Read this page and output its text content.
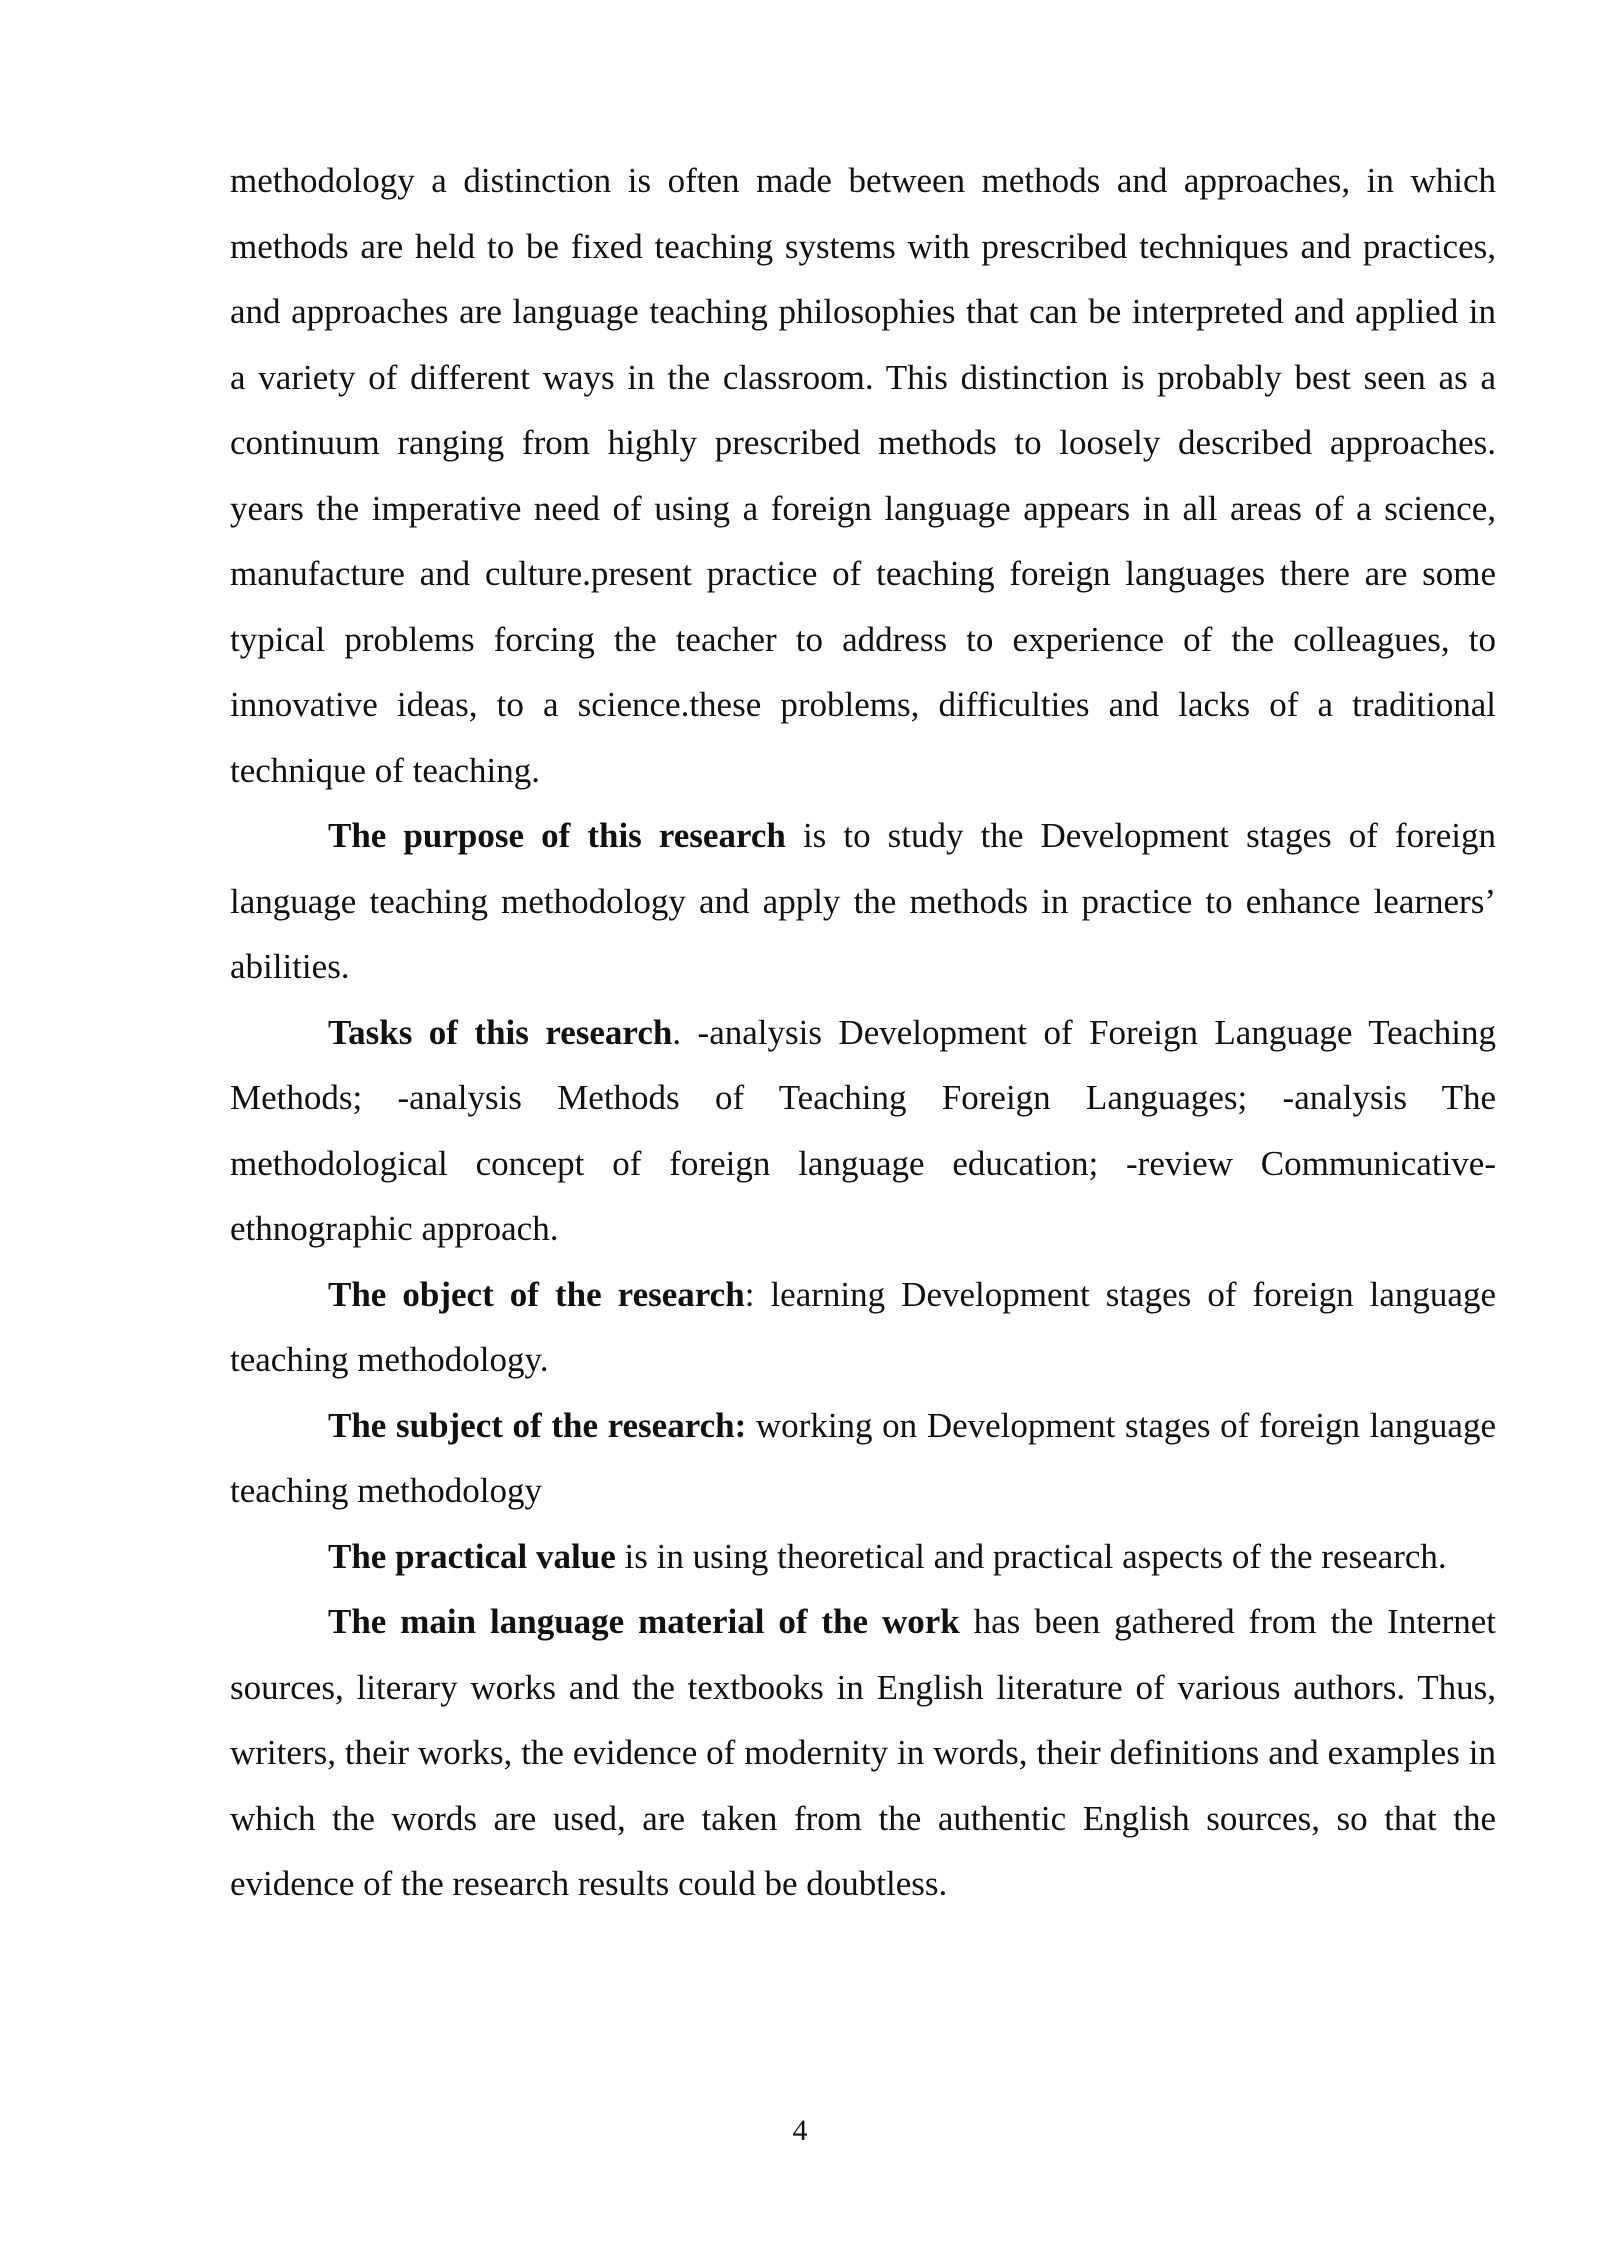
methodology a distinction is often made between methods and approaches, in which methods are held to be fixed teaching systems with prescribed techniques and practices, and approaches are language teaching philosophies that can be interpreted and applied in a variety of different ways in the classroom. This distinction is probably best seen as a continuum ranging from highly prescribed methods to loosely described approaches. years the imperative need of using a foreign language appears in all areas of a science, manufacture and culture.present practice of teaching foreign languages there are some typical problems forcing the teacher to address to experience of the colleagues, to innovative ideas, to a science.these problems, difficulties and lacks of a traditional technique of teaching.

The purpose of this research is to study the Development stages of foreign language teaching methodology and apply the methods in practice to enhance learners’ abilities.

Tasks of this research. -analysis Development of Foreign Language Teaching Methods; -analysis Methods of Teaching Foreign Languages; -analysis The methodological concept of foreign language education; -review Communicative-ethnographic approach.

The object of the research: learning Development stages of foreign language teaching methodology.

The subject of the research: working on Development stages of foreign language teaching methodology

The practical value is in using theoretical and practical aspects of the research.

The main language material of the work has been gathered from the Internet sources, literary works and the textbooks in English literature of various authors. Thus, writers, their works, the evidence of modernity in words, their definitions and examples in which the words are used, are taken from the authentic English sources, so that the evidence of the research results could be doubtless.

4
